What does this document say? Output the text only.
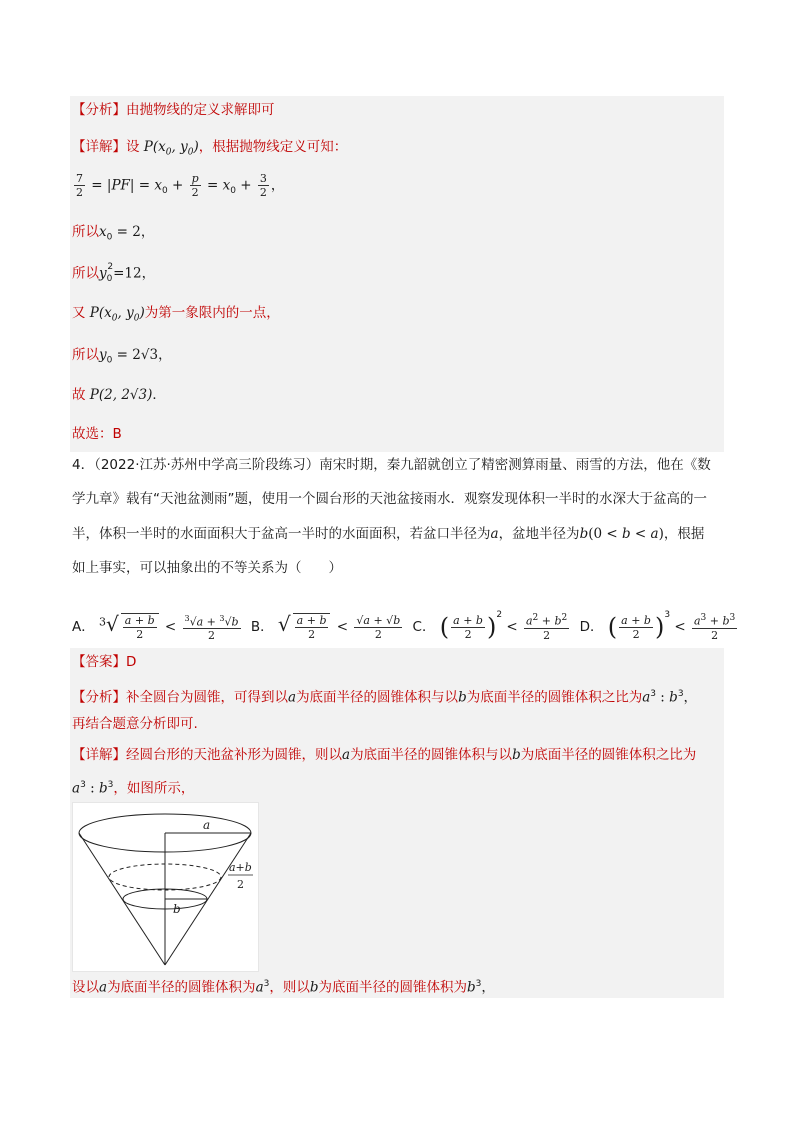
【分析】由抛物线的定义求解即可
【详解】设 $P(x_0$, $y_0$)，根据抛物线定义可知：
$\frac{7}{2} = |PF| = x_0 + \frac{p}{2} = x_0 + \frac{3}{2}$ ，
所以$x_0 = 2$，
所以$y_0^2=12$，
又 $P(x_0$, $y_0$)为第一象限内的一点，
所以$y_0 = 2√3$，
故 P(2, 2√3)．
故选：B
4．（2022·江苏·苏州中学高三阶段练习）南宋时期，秦九韶就创立了精密测算雨量、雨雪的方法，他在《数
学九章》载有“天池盆测雨”题，使用一个圆台形的天池盆接雨水．观察发现体积一半时的水深大于盆高的一
半，体积一半时的水面面积大于盆高一半时的水面面积，若盆口半径为a，盆地半径为b(0 < b < a)，根据
如上事实，可以抽象出的不等关系为（　　）
A． $^3√ \frac{a + b}{2} < \frac{^3√a + ^3√b}{2}$ B． √ $\frac{a + b}{2} < \frac{√a + √b}{2}$ C． ( $\frac{a + b}{2} )^2 < \frac{a^2 + b^2}{2}$ D． ( $\frac{a + b}{2} )^3 < \frac{a^3 + b^3}{2}$
【答案】D
【分析】补全圆台为圆锥，可得到以a为底面半径的圆锥体积与以b为底面半径的圆锥体积之比为$a^3$ : $b^3$，
再结合题意分析即可.
【详解】经圆台形的天池盆补形为圆锥，则以a为底面半径的圆锥体积与以b为底面半径的圆锥体积之比为
$a^3$ : $b^3$，如图所示，
a
b
a+b
2
设以a为底面半径的圆锥体积为$a^3$，则以b为底面半径的圆锥体积为$b^3$，
